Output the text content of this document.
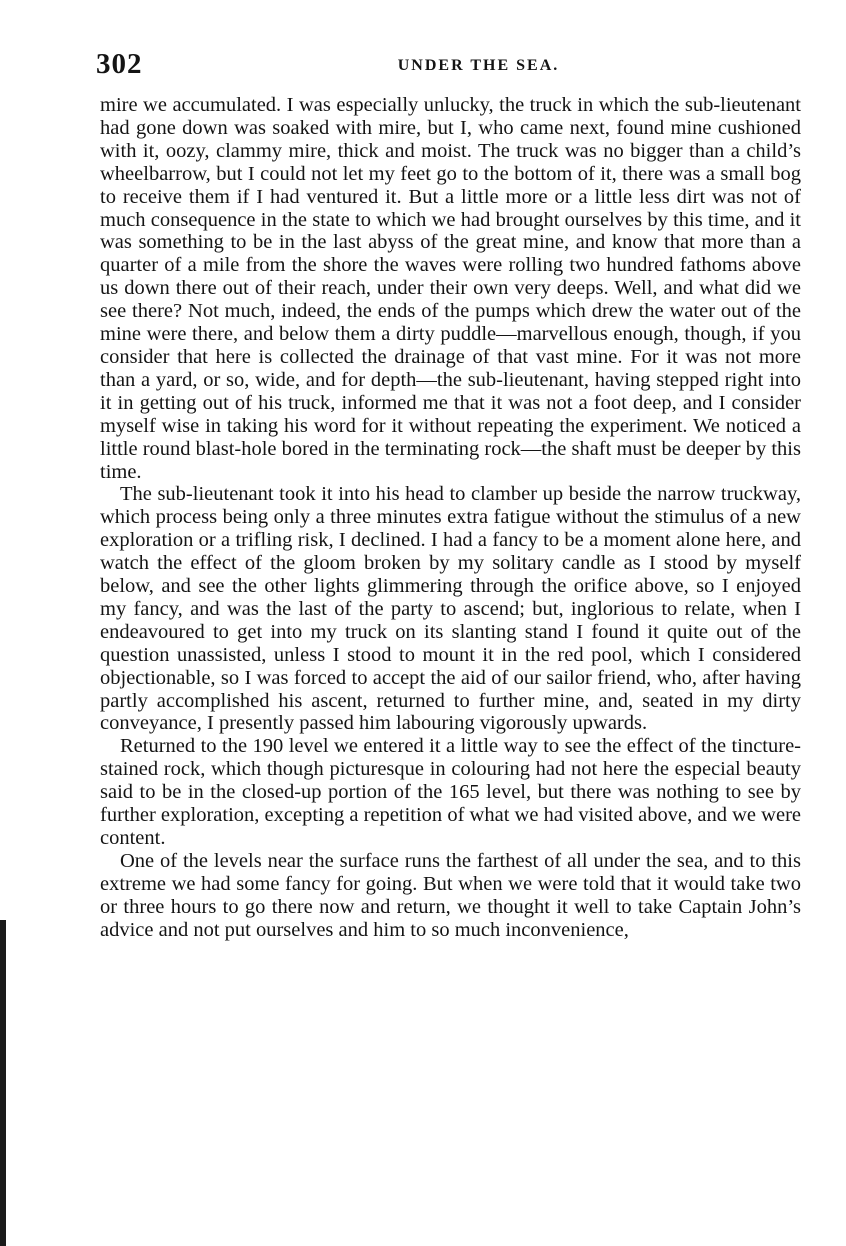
302	UNDER THE SEA.

mire we accumulated. I was especially unlucky, the truck in which the sub-lieutenant had gone down was soaked with mire, but I, who came next, found mine cushioned with it, oozy, clammy mire, thick and moist. The truck was no bigger than a child’s wheelbarrow, but I could not let my feet go to the bottom of it, there was a small bog to receive them if I had ventured it. But a little more or a little less dirt was not of much consequence in the state to which we had brought ourselves by this time, and it was something to be in the last abyss of the great mine, and know that more than a quarter of a mile from the shore the waves were rolling two hundred fathoms above us down there out of their reach, under their own very deeps. Well, and what did we see there? Not much, indeed, the ends of the pumps which drew the water out of the mine were there, and below them a dirty puddle—marvellous enough, though, if you consider that here is collected the drainage of that vast mine. For it was not more than a yard, or so, wide, and for depth—the sub-lieutenant, having stepped right into it in getting out of his truck, informed me that it was not a foot deep, and I consider myself wise in taking his word for it without repeating the experiment. We noticed a little round blast-hole bored in the terminating rock—the shaft must be deeper by this time.

The sub-lieutenant took it into his head to clamber up beside the narrow truckway, which process being only a three minutes extra fatigue without the stimulus of a new exploration or a trifling risk, I declined. I had a fancy to be a moment alone here, and watch the effect of the gloom broken by my solitary candle as I stood by myself below, and see the other lights glimmering through the orifice above, so I enjoyed my fancy, and was the last of the party to ascend; but, inglorious to relate, when I endeavoured to get into my truck on its slanting stand I found it quite out of the question unassisted, unless I stood to mount it in the red pool, which I considered objectionable, so I was forced to accept the aid of our sailor friend, who, after having partly accomplished his ascent, returned to further mine, and, seated in my dirty conveyance, I presently passed him labouring vigorously upwards.

Returned to the 190 level we entered it a little way to see the effect of the tincture-stained rock, which though picturesque in colouring had not here the especial beauty said to be in the closed-up portion of the 165 level, but there was nothing to see by further exploration, excepting a repetition of what we had visited above, and we were content.

One of the levels near the surface runs the farthest of all under the sea, and to this extreme we had some fancy for going. But when we were told that it would take two or three hours to go there now and return, we thought it well to take Captain John’s advice and not put ourselves and him to so much inconvenience,
